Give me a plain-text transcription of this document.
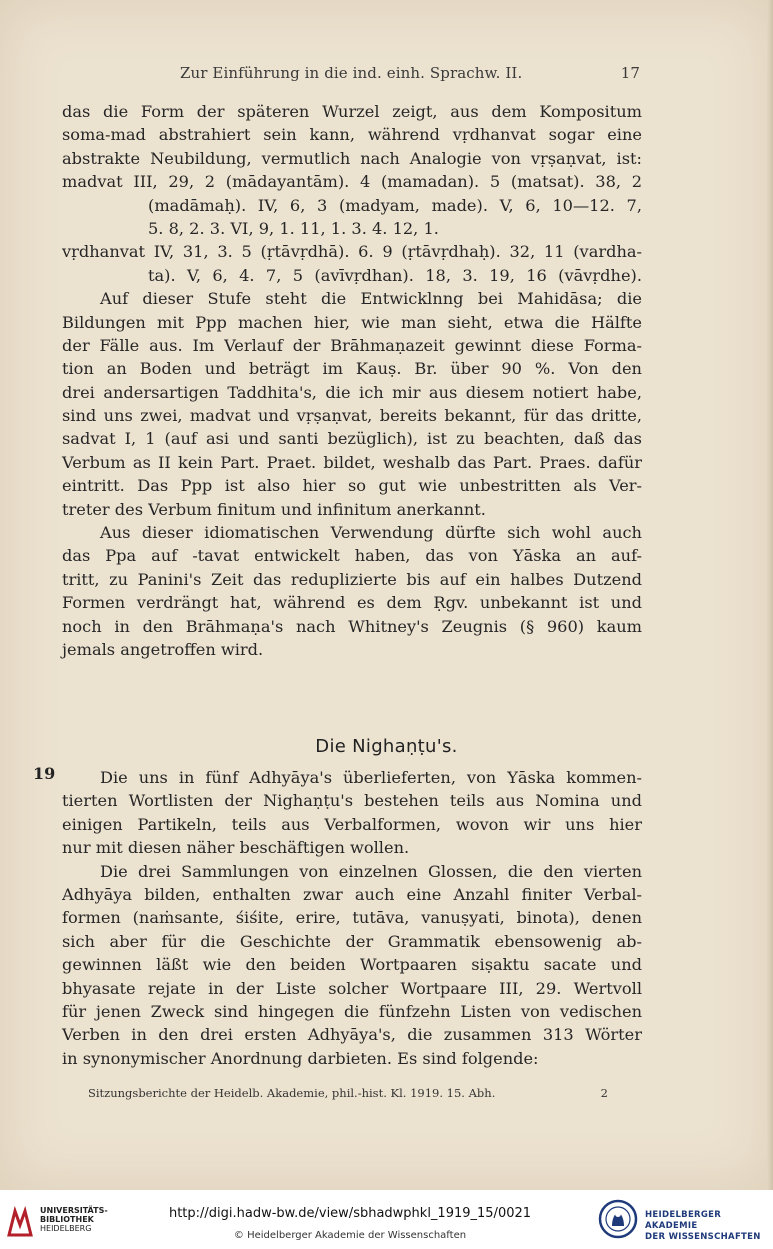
Zur Einführung in die ind. einh. Sprachw. II.	17
das die Form der späteren Wurzel zeigt, aus dem Kompositum
soma-mad abstrahiert sein kann, während vṛdhanvat sogar eine
abstrakte Neubildung, vermutlich nach Analogie von vṛṣaṇvat, ist:
madvat III, 29, 2 (mādayantām). 4 (mamadan). 5 (matsat). 38, 2
(madāmaḥ). IV, 6, 3 (madyam, made). V, 6, 10—12. 7,
5. 8, 2. 3. VI, 9, 1. 11, 1. 3. 4. 12, 1.
vṛdhanvat IV, 31, 3. 5 (ṛtāvṛdhā). 6. 9 (ṛtāvṛdhaḥ). 32, 11 (vardha-
ta). V, 6, 4. 7, 5 (avīvṛdhan). 18, 3. 19, 16 (vāvṛdhe).
Auf dieser Stufe steht die Entwicklnng bei Mahidāsa; die
Bildungen mit Ppp machen hier, wie man sieht, etwa die Hälfte
der Fälle aus. Im Verlauf der Brāhmaṇazeit gewinnt diese Forma-
tion an Boden und beträgt im Kauṣ. Br. über 90 %. Von den
drei andersartigen Taddhita's, die ich mir aus diesem notiert habe,
sind uns zwei, madvat und vṛṣaṇvat, bereits bekannt, für das dritte,
sadvat I, 1 (auf asi und santi bezüglich), ist zu beachten, daß das
Verbum as II kein Part. Praet. bildet, weshalb das Part. Praes. dafür
eintritt. Das Ppp ist also hier so gut wie unbestritten als Ver-
treter des Verbum finitum und infinitum anerkannt.
Aus dieser idiomatischen Verwendung dürfte sich wohl auch
das Ppa auf -tavat entwickelt haben, das von Yāska an auf-
tritt, zu Panini's Zeit das reduplizierte bis auf ein halbes Dutzend
Formen verdrängt hat, während es dem Ṛgv. unbekannt ist und
noch in den Brāhmaṇa's nach Whitney's Zeugnis (§ 960) kaum
jemals angetroffen wird.
Die Nighaṇṭu's.
19	Die uns in fünf Adhyāya's überlieferten, von Yāska kommen-
tierten Wortlisten der Nighaṇṭu's bestehen teils aus Nomina und
einigen Partikeln, teils aus Verbalformen, wovon wir uns hier
nur mit diesen näher beschäftigen wollen.
Die drei Sammlungen von einzelnen Glossen, die den vierten
Adhyāya bilden, enthalten zwar auch eine Anzahl finiter Verbal-
formen (naṁsante, śiśite, erire, tutāva, vanuṣyati, binota), denen
sich aber für die Geschichte der Grammatik ebensowenig ab-
gewinnen läßt wie den beiden Wortpaaren siṣaktu sacate und
bhyasate rejate in der Liste solcher Wortpaare III, 29. Wertvoll
für jenen Zweck sind hingegen die fünfzehn Listen von vedischen
Verben in den drei ersten Adhyāya's, die zusammen 313 Wörter
in synonymischer Anordnung darbieten. Es sind folgende:
Sitzungsberichte der Heidelb. Akademie, phil.-hist. Kl. 1919. 15. Abh.	2
UNIVERSITÄTS-
BIBLIOTHEK
HEIDELBERG
http://digi.hadw-bw.de/view/sbhadwphkl_1919_15/0021
© Heidelberger Akademie der Wissenschaften
HEIDELBERGER AKADEMIE
DER WISSENSCHAFTEN
